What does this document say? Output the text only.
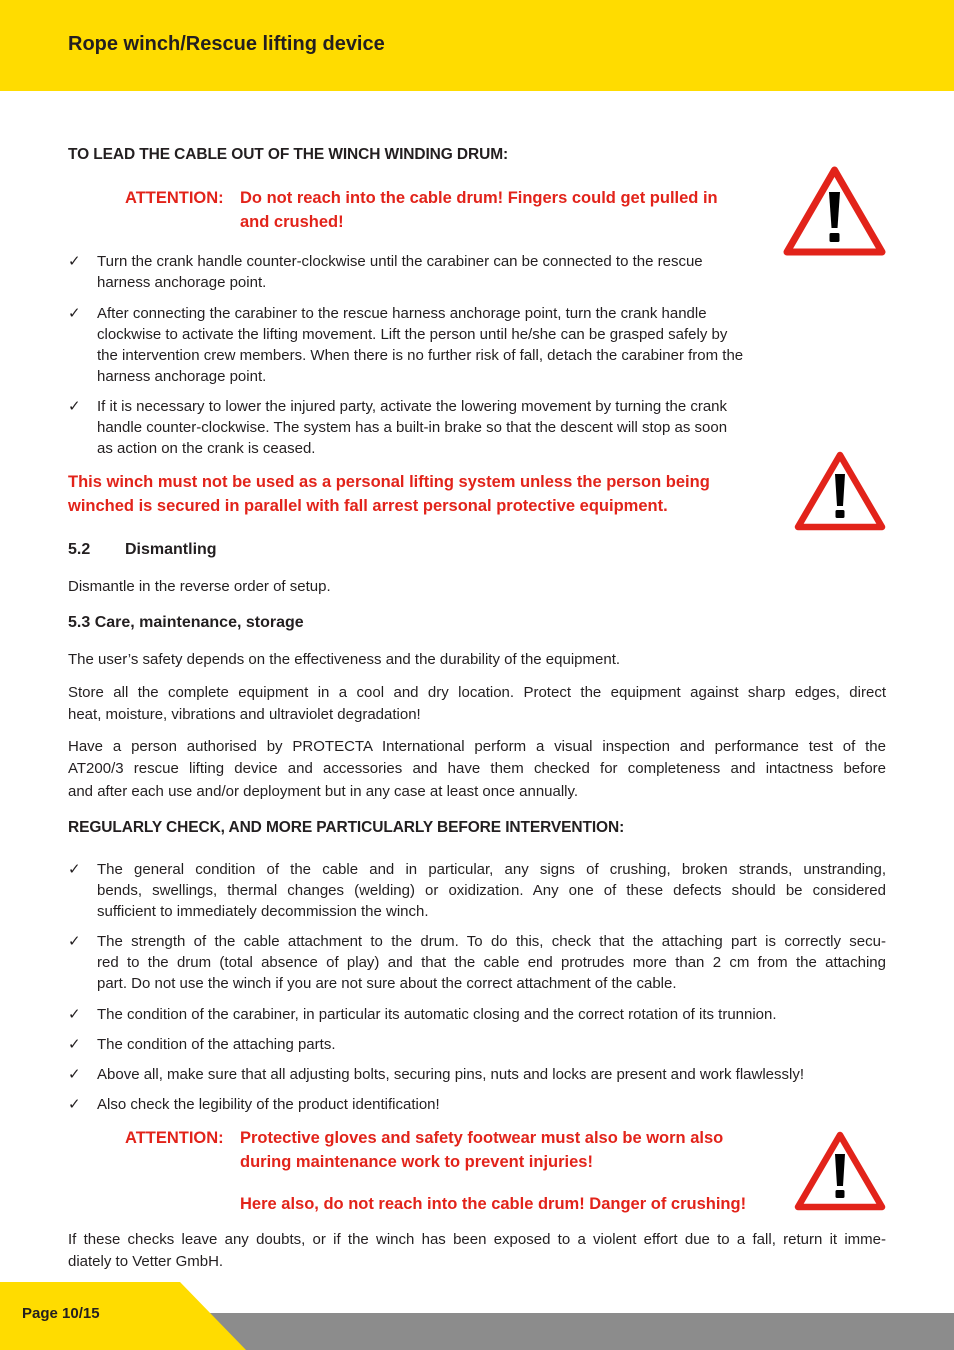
Rope winch/Rescue lifting device
TO LEAD THE CABLE OUT OF THE WINCH WINDING DRUM:
ATTENTION: Do not reach into the cable drum! Fingers could get pulled in
and crushed!
✓ Turn the crank handle counter-clockwise until the carabiner can be connected to the rescue
harness anchorage point.
✓ After connecting the carabiner to the rescue harness anchorage point, turn the crank handle
clockwise to activate the lifting movement. Lift the person until he/she can be grasped safely by
the intervention crew members. When there is no further risk of fall, detach the carabiner from the
harness anchorage point.
✓ If it is necessary to lower the injured party, activate the lowering movement by turning the crank
handle counter-clockwise. The system has a built-in brake so that the descent will stop as soon
as action on the crank is ceased.
This winch must not be used as a personal lifting system unless the person being
winched is secured in parallel with fall arrest personal protective equipment.
5.2 Dismantling
Dismantle in the reverse order of setup.
5.3 Care, maintenance, storage
The user’s safety depends on the effectiveness and the durability of the equipment.
Store all the complete equipment in a cool and dry location. Protect the equipment against sharp edges, direct
heat, moisture, vibrations and ultraviolet degradation!
Have a person authorised by PROTECTA International perform a visual inspection and performance test of the
AT200/3 rescue lifting device and accessories and have them checked for completeness and intactness before
and after each use and/or deployment but in any case at least once annually.
REGULARLY CHECK, AND MORE PARTICULARLY BEFORE INTERVENTION:
✓ The general condition of the cable and in particular, any signs of crushing, broken strands, unstranding,
bends, swellings, thermal changes (welding) or oxidization. Any one of these defects should be considered
sufficient to immediately decommission the winch.
✓ The strength of the cable attachment to the drum. To do this, check that the attaching part is correctly secu-
red to the drum (total absence of play) and that the cable end protrudes more than 2 cm from the attaching
part. Do not use the winch if you are not sure about the correct attachment of the cable.
✓ The condition of the carabiner, in particular its automatic closing and the correct rotation of its trunnion.
✓ The condition of the attaching parts.
✓ Above all, make sure that all adjusting bolts, securing pins, nuts and locks are present and work flawlessly!
✓ Also check the legibility of the product identification!
ATTENTION: Protective gloves and safety footwear must also be worn also
during maintenance work to prevent injuries!
Here also, do not reach into the cable drum! Danger of crushing!
If these checks leave any doubts, or if the winch has been exposed to a violent effort due to a fall, return it imme-
diately to Vetter GmbH.
Page 10/15
